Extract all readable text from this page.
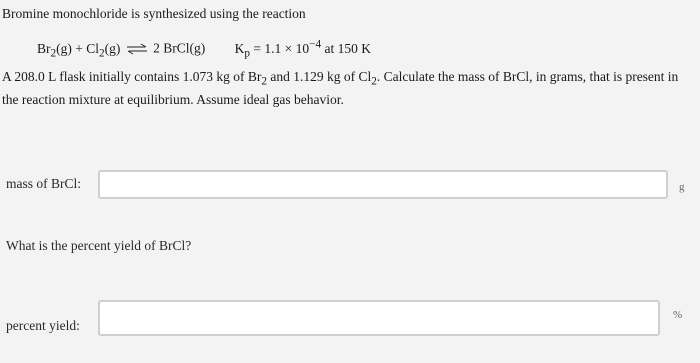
Bromine monochloride is synthesized using the reaction
$Br_2(g) + Cl_2(g)$ ⇌ 2 BrCl(g) $K_p = 1.1 \times 10^{-4}$ at 150 K
A 208.0 L flask initially contains 1.073 kg of $Br_2$ and 1.129 kg of $Cl_2$. Calculate the mass of BrCl, in grams, that is present in
the reaction mixture at equilibrium. Assume ideal gas behavior.
mass of BrCl:	g
What is the percent yield of BrCl?
percent yield:
%
